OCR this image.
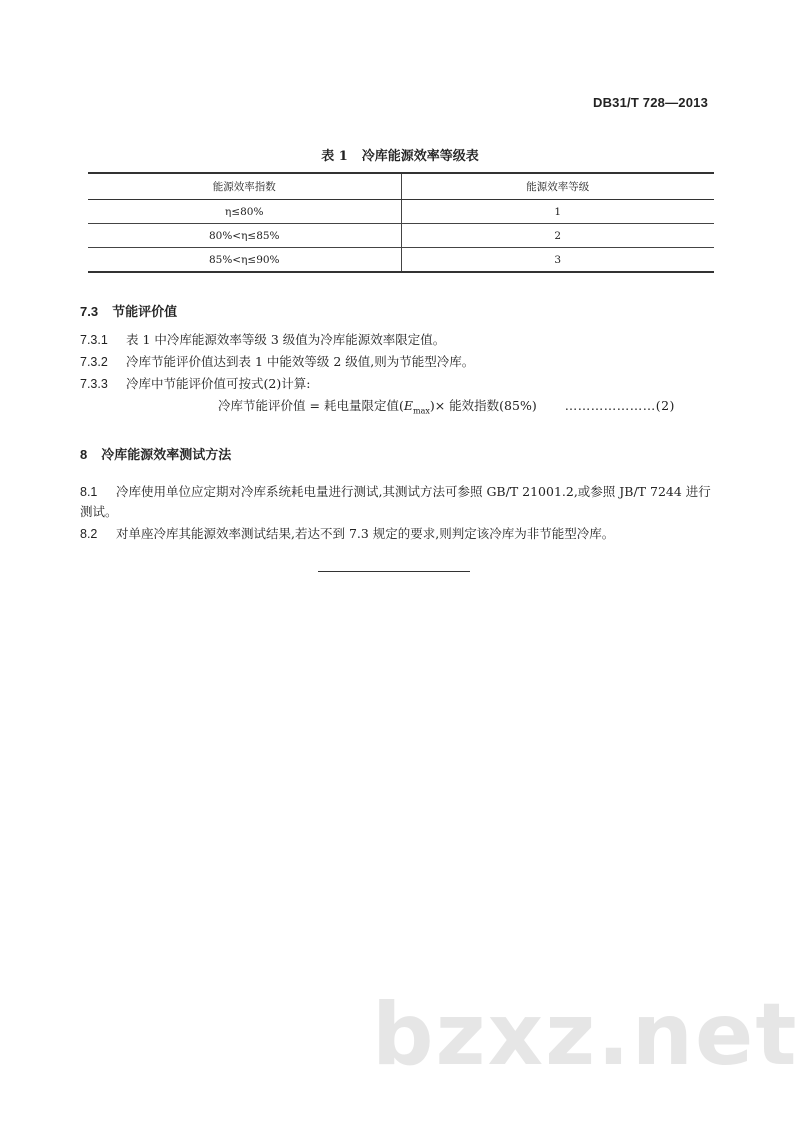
DB31/T 728—2013
表 1 冷库能源效率等级表
能源效率指数	能源效率等级
η≤80%	1
80%<η≤85%	2
85%<η≤90%	3
7.3 节能评价值
7.3.1 表 1 中冷库能源效率等级 3 级值为冷库能源效率限定值。
7.3.2 冷库节能评价值达到表 1 中能效等级 2 级值,则为节能型冷库。
7.3.3 冷库中节能评价值可按式(2)计算:
冷库节能评价值 = 耗电量限定值$(E_{max})\times$ 能效指数(85%) …………………(2)
8 冷库能源效率测试方法
8.1 冷库使用单位应定期对冷库系统耗电量进行测试,其测试方法可参照 GB/T 21001.2,或参照 JB/T 7244 进行测试。
8.2 对单座冷库其能源效率测试结果,若达不到 7.3 规定的要求,则判定该冷库为非节能型冷库。
bzxz.net
